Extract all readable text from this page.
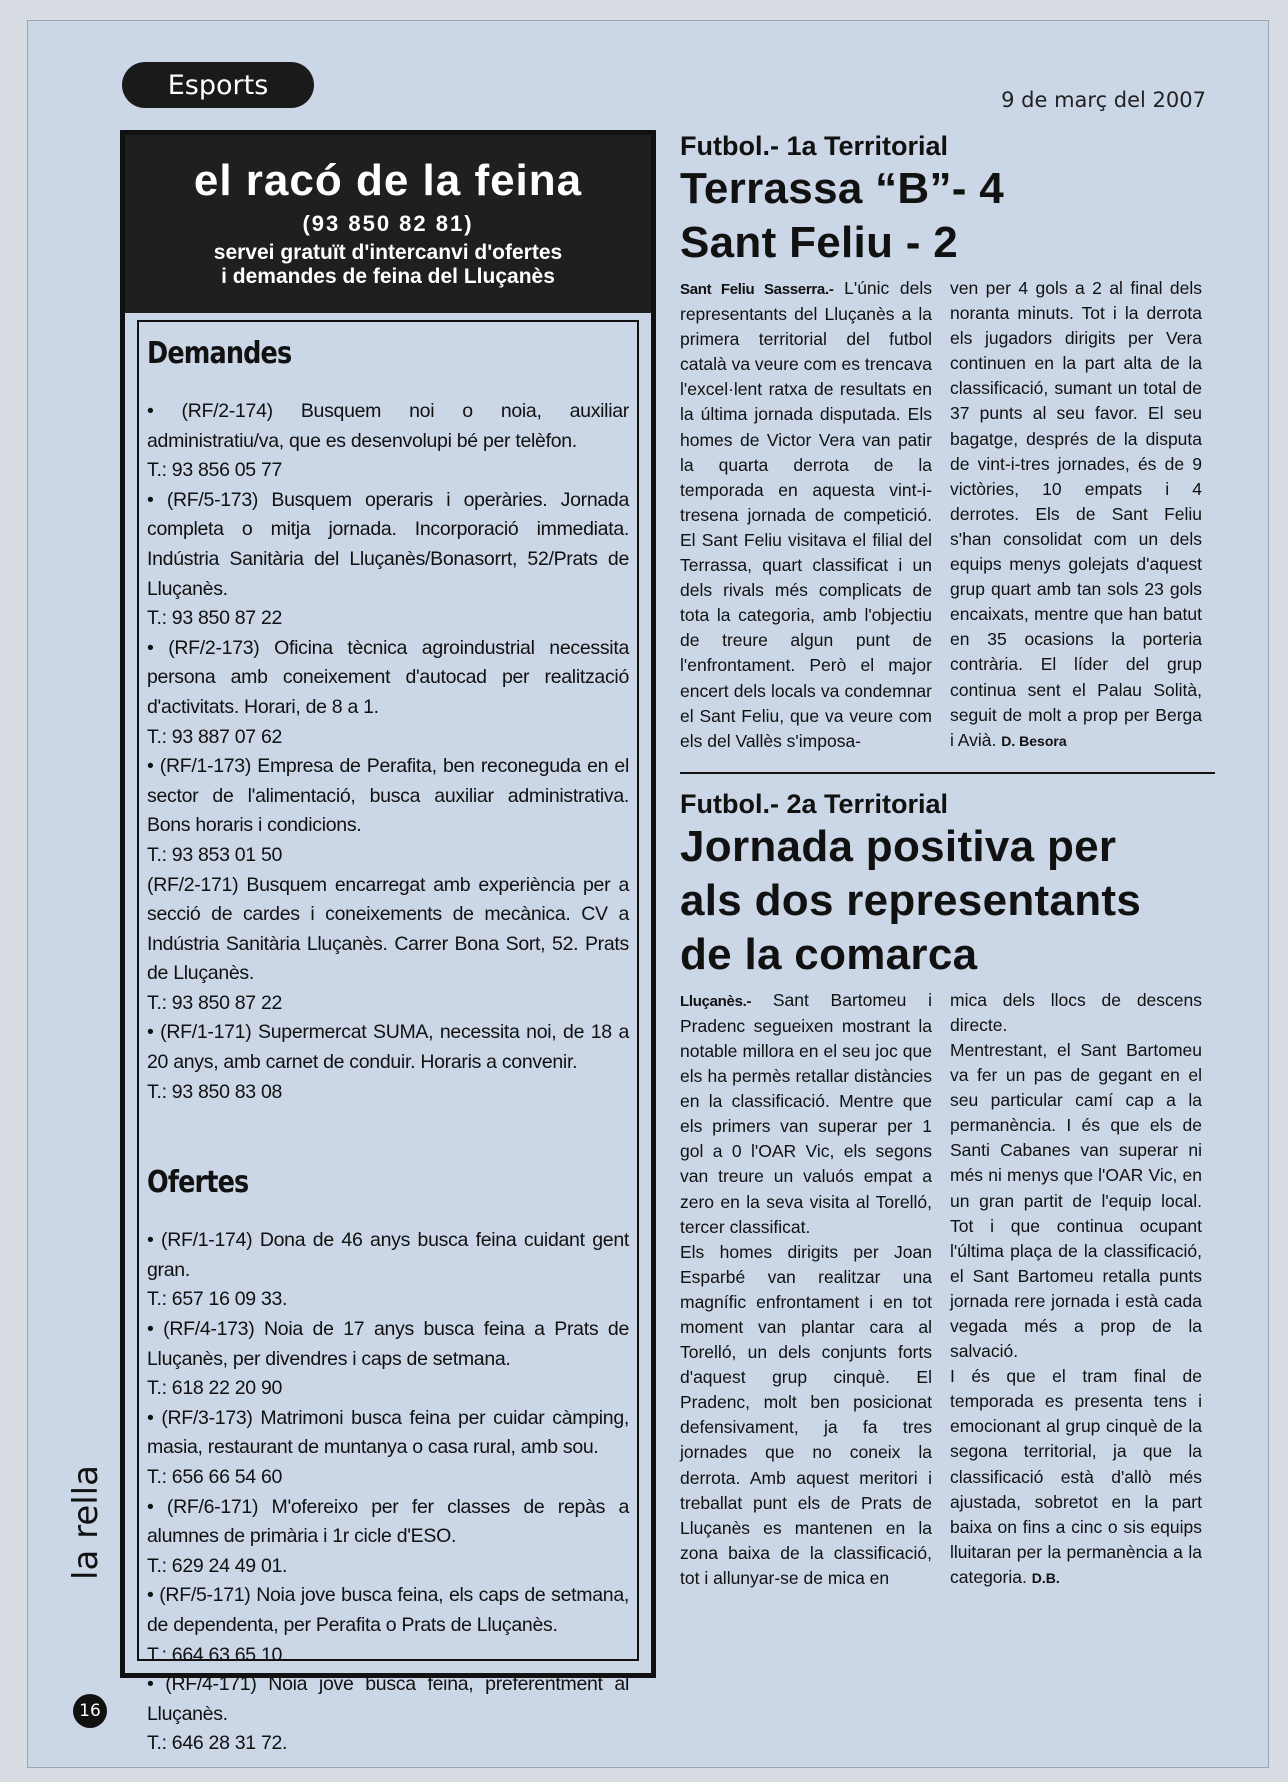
Esports	9 de març del 2007
el racó de la feina
(93 850 82 81)
servei gratuït d'intercanvi d'ofertes
i demandes de feina del Lluçanès
Demandes

• (RF/2-174) Busquem noi o noia, auxiliar administratiu/va, que es desenvolupi bé per telèfon.

T.: 93 856 05 77

• (RF/5-173) Busquem operaris i operàries. Jornada completa o mitja jornada. Incorporació immediata. Indústria Sanitària del Lluçanès/Bonasorrt, 52/Prats de Lluçanès.

T.: 93 850 87 22

• (RF/2-173) Oficina tècnica agroindustrial necessita persona amb coneixement d'autocad per realització d'activitats. Horari, de 8 a 1.

T.: 93 887 07 62

• (RF/1-173) Empresa de Perafita, ben reconeguda en el sector de l'alimentació, busca auxiliar administrativa. Bons horaris i condicions.

T.: 93 853 01 50

(RF/2-171) Busquem encarregat amb experiència per a secció de cardes i coneixements de mecànica. CV a Indústria Sanitària Lluçanès. Carrer Bona Sort, 52. Prats de Lluçanès.

T.: 93 850 87 22

• (RF/1-171) Supermercat SUMA, necessita noi, de 18 a 20 anys, amb carnet de conduir. Horaris a convenir.

T.: 93 850 83 08

Ofertes

• (RF/1-174) Dona de 46 anys busca feina cuidant gent gran.

T.: 657 16 09 33.

• (RF/4-173) Noia de 17 anys busca feina a Prats de Lluçanès, per divendres i caps de setmana.

T.: 618 22 20 90

• (RF/3-173) Matrimoni busca feina per cuidar càmping, masia, restaurant de muntanya o casa rural, amb sou.

T.: 656 66 54 60

• (RF/6-171) M'ofereixo per fer classes de repàs a alumnes de primària i 1r cicle d'ESO.

T.: 629 24 49 01.

• (RF/5-171) Noia jove busca feina, els caps de setmana, de dependenta, per Perafita o Prats de Lluçanès.

T.: 664 63 65 10.

• (RF/4-171) Noia jove busca feina, preferentment al Lluçanès.

T.: 646 28 31 72.

Futbol.- 1a Territorial
Terrassa “B”- 4
Sant Feliu - 2

Sant Feliu Sasserra.- L'únic dels representants del Lluçanès a la primera territorial del futbol català va veure com es trencava l'excel·lent ratxa de resultats en la última jornada disputada. Els homes de Victor Vera van patir la quarta derrota de la temporada en aquesta vint-i-tresena jornada de competició. El Sant Feliu visitava el filial del Terrassa, quart classificat i un dels rivals més complicats de tota la categoria, amb l'objectiu de treure algun punt de l'enfrontament. Però el major encert dels locals va condemnar el Sant Feliu, que va veure com els del Vallès s'imposa-

ven per 4 gols a 2 al final dels noranta minuts. Tot i la derrota els jugadors dirigits per Vera continuen en la part alta de la classificació, sumant un total de 37 punts al seu favor. El seu bagatge, després de la disputa de vint-i-tres jornades, és de 9 victòries, 10 empats i 4 derrotes. Els de Sant Feliu s'han consolidat com un dels equips menys golejats d'aquest grup quart amb tan sols 23 gols encaixats, mentre que han batut en 35 ocasions la porteria contrària. El líder del grup continua sent el Palau Solità, seguit de molt a prop per Berga i Avià. D. Besora

Futbol.- 2a Territorial
Jornada positiva per
als dos representants
de la comarca

Lluçanès.- Sant Bartomeu i Pradenc segueixen mostrant la notable millora en el seu joc que els ha permès retallar distàncies en la classificació. Mentre que els primers van superar per 1 gol a 0 l'OAR Vic, els segons van treure un valuós empat a zero en la seva visita al Torelló, tercer classificat.

Els homes dirigits per Joan Esparbé van realitzar una magnífic enfrontament i en tot moment van plantar cara al Torelló, un dels conjunts forts d'aquest grup cinquè. El Pradenc, molt ben posicionat defensivament, ja fa tres jornades que no coneix la derrota. Amb aquest meritori i treballat punt els de Prats de Lluçanès es mantenen en la zona baixa de la classificació, tot i allunyar-se de mica en

mica dels llocs de descens directe.

Mentrestant, el Sant Bartomeu va fer un pas de gegant en el seu particular camí cap a la permanència. I és que els de Santi Cabanes van superar ni més ni menys que l'OAR Vic, en un gran partit de l'equip local. Tot i que continua ocupant l'última plaça de la classificació, el Sant Bartomeu retalla punts jornada rere jornada i està cada vegada més a prop de la salvació.

I és que el tram final de temporada es presenta tens i emocionant al grup cinquè de la segona territorial, ja que la classificació està d'allò més ajustada, sobretot en la part baixa on fins a cinc o sis equips lluitaran per la permanència a la categoria. D.B.

la rella
16
